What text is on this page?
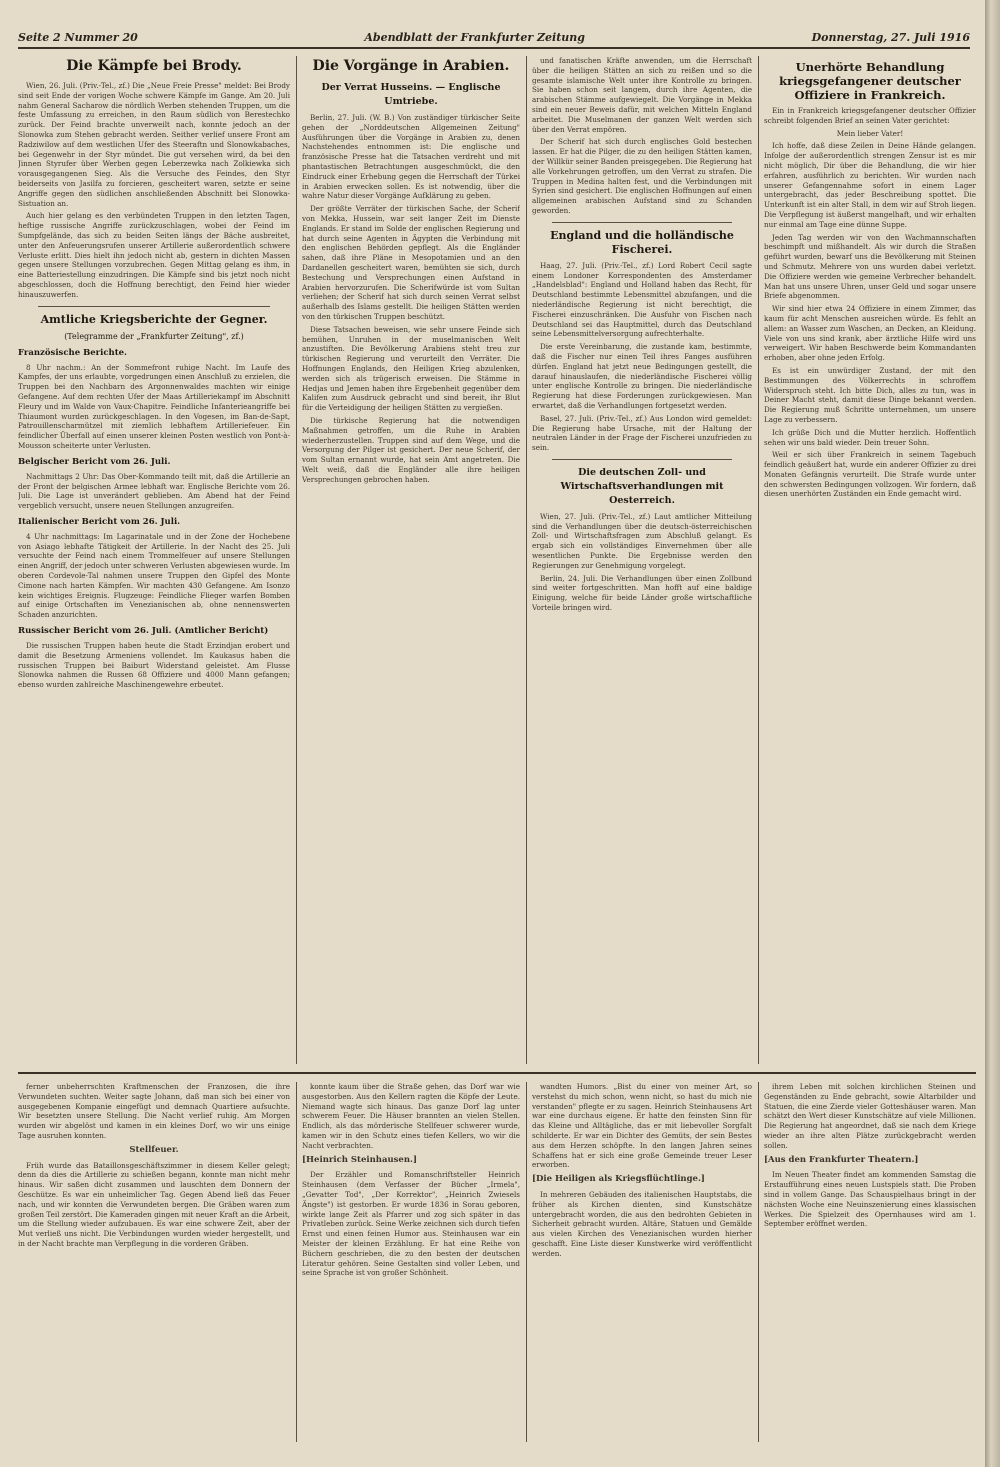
Seite 2 Nummer 20	Abendblatt der Frankfurter Zeitung	Donnerstag, 27. Juli 1916
Die Kämpfe bei Brody.

Wien, 26. Juli. (Priv.-Tel., zf.) Die „Neue Freie Presse" meldet: Bei Brody sind seit Ende der vorigen Woche schwere Kämpfe im Gange. Am 20. Juli nahm General Sacharow die nördlich Werben stehenden Truppen, um die feste Umfassung zu erreichen, in den Raum südlich von Berestechko zurück. Der Feind brachte unverweilt nach, konnte jedoch an der Slonowka zum Stehen gebracht werden. Seither verlief unsere Front am Radziwilow auf dem westlichen Ufer des Steeraftn und Slonowkabaches, bei Gegenwehr in der Styr mündet. Die gut versehen wird, da bei den Jinnen Styrufer über Werben gegen Leberzewka nach Zolkiewka sich vorausgegangenen Sieg. Als die Versuche des Feindes, den Styr beiderseits von Jasilfa zu forcieren, gescheitert waren, setzte er seine Angriffe gegen den südlichen anschließenden Abschnitt bei Slonowka-Sistuation an.

Auch hier gelang es den verbündeten Truppen in den letzten Tagen, heftige russische Angriffe zurückzuschlagen, wobei der Feind im Sumpfgelände, das sich zu beiden Seiten längs der Bäche ausbreitet, unter den Anfeuerungsrufen unserer Artillerie außerordentlich schwere Verluste erlitt. Dies hielt ihn jedoch nicht ab, gestern in dichten Massen gegen unsere Stellungen vorzubrechen. Gegen Mittag gelang es ihm, in eine Batteriestellung einzudringen. Die Kämpfe sind bis jetzt noch nicht abgeschlossen, doch die Hoffnung berechtigt, den Feind hier wieder hinauszuwerfen.

Amtliche Kriegsberichte der Gegner.
(Telegramme der „Frankfurter Zeitung", zf.)
Französische Berichte.

8 Uhr nachm.: An der Sommefront ruhige Nacht. Im Laufe des Kampfes, der uns erlaubte, vorgedrungen einen Anschluß zu erzielen, die Truppen bei den Nachbarn des Argonnenwaldes machten wir einige Gefangene. Auf dem rechten Ufer der Maas Artilleriekampf im Abschnitt Fleury und im Walde von Vaux-Chapitre. Feindliche Infanterieangriffe bei Thiaumont wurden zurückgeschlagen. In den Vogesen, im Ban-de-Sapt, Patrouillenscharmützel mit ziemlich lebhaftem Artilleriefeuer. Ein feindlicher Überfall auf einen unserer kleinen Posten westlich von Pont-à-Mousson scheiterte unter Verlusten.

Belgischer Bericht vom 26. Juli.

Nachmittags 2 Uhr: Das Ober-Kommando teilt mit, daß die Artillerie an der Front der belgischen Armee lebhaft war. Englische Berichte vom 26. Juli. Die Lage ist unverändert geblieben. Am Abend hat der Feind vergeblich versucht, unsere neuen Stellungen anzugreifen.

Italienischer Bericht vom 26. Juli.

4 Uhr nachmittags: Im Lagarinatale und in der Zone der Hochebene von Asiago lebhafte Tätigkeit der Artillerie. In der Nacht des 25. Juli versuchte der Feind nach einem Trommelfeuer auf unsere Stellungen einen Angriff, der jedoch unter schweren Verlusten abgewiesen wurde. Im oberen Cordevole-Tal nahmen unsere Truppen den Gipfel des Monte Cimone nach harten Kämpfen. Wir machten 430 Gefangene. Am Isonzo kein wichtiges Ereignis. Flugzeuge: Feindliche Flieger warfen Bomben auf einige Ortschaften im Venezianischen ab, ohne nennenswerten Schaden anzurichten.

Russischer Bericht vom 26. Juli. (Amtlicher Bericht)

Die russischen Truppen haben heute die Stadt Erzindjan erobert und damit die Besetzung Armeniens vollendet. Im Kaukasus haben die russischen Truppen bei Baiburt Widerstand geleistet. Am Flusse Slonowka nahmen die Russen 68 Offiziere und 4000 Mann gefangen; ebenso wurden zahlreiche Maschinengewehre erbeutet.

Die Vorgänge in Arabien.
Der Verrat Husseins. — Englische Umtriebe.

Berlin, 27. Juli. (W. B.) Von zuständiger türkischer Seite gehen der „Norddeutschen Allgemeinen Zeitung" Ausführungen über die Vorgänge in Arabien zu, denen Nachstehendes entnommen ist: Die englische und französische Presse hat die Tatsachen verdreht und mit phantastischen Betrachtungen ausgeschmückt, die den Eindruck einer Erhebung gegen die Herrschaft der Türkei in Arabien erwecken sollen. Es ist notwendig, über die wahre Natur dieser Vorgänge Aufklärung zu geben.

Der größte Verräter der türkischen Sache, der Scherif von Mekka, Hussein, war seit langer Zeit im Dienste Englands. Er stand im Solde der englischen Regierung und hat durch seine Agenten in Ägypten die Verbindung mit den englischen Behörden gepflegt. Als die Engländer sahen, daß ihre Pläne in Mesopotamien und an den Dardanellen gescheitert waren, bemühten sie sich, durch Bestechung und Versprechungen einen Aufstand in Arabien hervorzurufen. Die Scherifwürde ist vom Sultan verliehen; der Scherif hat sich durch seinen Verrat selbst außerhalb des Islams gestellt. Die heiligen Stätten werden von den türkischen Truppen beschützt.

Diese Tatsachen beweisen, wie sehr unsere Feinde sich bemühen, Unruhen in der muselmanischen Welt anzustiften. Die Bevölkerung Arabiens steht treu zur türkischen Regierung und verurteilt den Verräter. Die Hoffnungen Englands, den Heiligen Krieg abzulenken, werden sich als trügerisch erweisen. Die Stämme in Hedjas und Jemen haben ihre Ergebenheit gegenüber dem Kalifen zum Ausdruck gebracht und sind bereit, ihr Blut für die Verteidigung der heiligen Stätten zu vergießen.

Die türkische Regierung hat die notwendigen Maßnahmen getroffen, um die Ruhe in Arabien wiederherzustellen. Truppen sind auf dem Wege, und die Versorgung der Pilger ist gesichert. Der neue Scherif, der vom Sultan ernannt wurde, hat sein Amt angetreten. Die Welt weiß, daß die Engländer alle ihre heiligen Versprechungen gebrochen haben.

und fanatischen Kräfte anwenden, um die Herrschaft über die heiligen Stätten an sich zu reißen und so die gesamte islamische Welt unter ihre Kontrolle zu bringen. Sie haben schon seit langem, durch ihre Agenten, die arabischen Stämme aufgewiegelt. Die Vorgänge in Mekka sind ein neuer Beweis dafür, mit welchen Mitteln England arbeitet. Die Muselmanen der ganzen Welt werden sich über den Verrat empören.

Der Scherif hat sich durch englisches Gold bestechen lassen. Er hat die Pilger, die zu den heiligen Stätten kamen, der Willkür seiner Banden preisgegeben. Die Regierung hat alle Vorkehrungen getroffen, um den Verrat zu strafen. Die Truppen in Medina halten fest, und die Verbindungen mit Syrien sind gesichert. Die englischen Hoffnungen auf einen allgemeinen arabischen Aufstand sind zu Schanden geworden.

England und die holländische Fischerei.

Haag, 27. Juli. (Priv.-Tel., zf.) Lord Robert Cecil sagte einem Londoner Korrespondenten des Amsterdamer „Handelsblad": England und Holland haben das Recht, für Deutschland bestimmte Lebensmittel abzufangen, und die niederländische Regierung ist nicht berechtigt, die Fischerei einzuschränken. Die Ausfuhr von Fischen nach Deutschland sei das Hauptmittel, durch das Deutschland seine Lebensmittelversorgung aufrechterhalte.

Die erste Vereinbarung, die zustande kam, bestimmte, daß die Fischer nur einen Teil ihres Fanges ausführen dürfen. England hat jetzt neue Bedingungen gestellt, die darauf hinauslaufen, die niederländische Fischerei völlig unter englische Kontrolle zu bringen. Die niederländische Regierung hat diese Forderungen zurückgewiesen. Man erwartet, daß die Verhandlungen fortgesetzt werden.

Basel, 27. Juli. (Priv.-Tel., zf.) Aus London wird gemeldet: Die Regierung habe Ursache, mit der Haltung der neutralen Länder in der Frage der Fischerei unzufrieden zu sein.

Die deutschen Zoll- und Wirtschaftsverhandlungen mit Oesterreich.

Wien, 27. Juli. (Priv.-Tel., zf.) Laut amtlicher Mitteilung sind die Verhandlungen über die deutsch-österreichischen Zoll- und Wirtschaftsfragen zum Abschluß gelangt. Es ergab sich ein vollständiges Einvernehmen über alle wesentlichen Punkte. Die Ergebnisse werden den Regierungen zur Genehmigung vorgelegt.

Berlin, 24. Juli. Die Verhandlungen über einen Zollbund sind weiter fortgeschritten. Man hofft auf eine baldige Einigung, welche für beide Länder große wirtschaftliche Vorteile bringen wird.

Unerhörte Behandlung kriegsgefangener deutscher Offiziere in Frankreich.

Ein in Frankreich kriegsgefangener deutscher Offizier schreibt folgenden Brief an seinen Vater gerichtet:

Mein lieber Vater!

Ich hoffe, daß diese Zeilen in Deine Hände gelangen. Infolge der außerordentlich strengen Zensur ist es mir nicht möglich, Dir über die Behandlung, die wir hier erfahren, ausführlich zu berichten. Wir wurden nach unserer Gefangennahme sofort in einem Lager untergebracht, das jeder Beschreibung spottet. Die Unterkunft ist ein alter Stall, in dem wir auf Stroh liegen. Die Verpflegung ist äußerst mangelhaft, und wir erhalten nur einmal am Tage eine dünne Suppe.

Jeden Tag werden wir von den Wachmannschaften beschimpft und mißhandelt. Als wir durch die Straßen geführt wurden, bewarf uns die Bevölkerung mit Steinen und Schmutz. Mehrere von uns wurden dabei verletzt. Die Offiziere werden wie gemeine Verbrecher behandelt. Man hat uns unsere Uhren, unser Geld und sogar unsere Briefe abgenommen.

Wir sind hier etwa 24 Offiziere in einem Zimmer, das kaum für acht Menschen ausreichen würde. Es fehlt an allem: an Wasser zum Waschen, an Decken, an Kleidung. Viele von uns sind krank, aber ärztliche Hilfe wird uns verweigert. Wir haben Beschwerde beim Kommandanten erhoben, aber ohne jeden Erfolg.

Es ist ein unwürdiger Zustand, der mit den Bestimmungen des Völkerrechts in schroffem Widerspruch steht. Ich bitte Dich, alles zu tun, was in Deiner Macht steht, damit diese Dinge bekannt werden. Die Regierung muß Schritte unternehmen, um unsere Lage zu verbessern.

Ich grüße Dich und die Mutter herzlich. Hoffentlich sehen wir uns bald wieder. Dein treuer Sohn.

Weil er sich über Frankreich in seinem Tagebuch feindlich geäußert hat, wurde ein anderer Offizier zu drei Monaten Gefängnis verurteilt. Die Strafe wurde unter den schwersten Bedingungen vollzogen. Wir fordern, daß diesen unerhörten Zuständen ein Ende gemacht wird.

ferner unbeherrschten Kraftmenschen der Franzosen, die ihre Verwundeten suchten. Weiter sagte Johann, daß man sich bei einer von ausgegebenen Kompanie eingefügt und demnach Quartiere aufsuchte. Wir besetzten unsere Stellung. Die Nacht verlief ruhig. Am Morgen wurden wir abgelöst und kamen in ein kleines Dorf, wo wir uns einige Tage ausruhen konnten.

Stellfeuer.

Früh wurde das Bataillonsgeschäftszimmer in diesem Keller gelegt; denn da dies die Artillerie zu schießen begann, konnte man nicht mehr hinaus. Wir saßen dicht zusammen und lauschten dem Donnern der Geschütze. Es war ein unheimlicher Tag. Gegen Abend ließ das Feuer nach, und wir konnten die Verwundeten bergen. Die Gräben waren zum großen Teil zerstört. Die Kameraden gingen mit neuer Kraft an die Arbeit, um die Stellung wieder aufzubauen. Es war eine schwere Zeit, aber der Mut verließ uns nicht. Die Verbindungen wurden wieder hergestellt, und in der Nacht brachte man Verpflegung in die vorderen Gräben.

konnte kaum über die Straße gehen, das Dorf war wie ausgestorben. Aus den Kellern ragten die Köpfe der Leute. Niemand wagte sich hinaus. Das ganze Dorf lag unter schwerem Feuer. Die Häuser brannten an vielen Stellen. Endlich, als das mörderische Stellfeuer schwerer wurde, kamen wir in den Schutz eines tiefen Kellers, wo wir die Nacht verbrachten.

[Heinrich Steinhausen.]

Der Erzähler und Romanschriftsteller Heinrich Steinhausen (dem Verfasser der Bücher „Irmela", „Gevatter Tod", „Der Korrektor", „Heinrich Zwiesels Ängste") ist gestorben. Er wurde 1836 in Sorau geboren, wirkte lange Zeit als Pfarrer und zog sich später in das Privatleben zurück. Seine Werke zeichnen sich durch tiefen Ernst und einen feinen Humor aus. Steinhausen war ein Meister der kleinen Erzählung. Er hat eine Reihe von Büchern geschrieben, die zu den besten der deutschen Literatur gehören. Seine Gestalten sind voller Leben, und seine Sprache ist von großer Schönheit.

wandten Humors. „Bist du einer von meiner Art, so verstehst du mich schon, wenn nicht, so hast du mich nie verstanden" pflegte er zu sagen. Heinrich Steinhausens Art war eine durchaus eigene. Er hatte den feinsten Sinn für das Kleine und Alltägliche, das er mit liebevoller Sorgfalt schilderte. Er war ein Dichter des Gemüts, der sein Bestes aus dem Herzen schöpfte. In den langen Jahren seines Schaffens hat er sich eine große Gemeinde treuer Leser erworben.

[Die Heiligen als Kriegsflüchtlinge.]

In mehreren Gebäuden des italienischen Hauptstabs, die früher als Kirchen dienten, sind Kunstschätze untergebracht worden, die aus den bedrohten Gebieten in Sicherheit gebracht wurden. Altäre, Statuen und Gemälde aus vielen Kirchen des Venezianischen wurden hierher geschafft. Eine Liste dieser Kunstwerke wird veröffentlicht werden.

ihrem Leben mit solchen kirchlichen Steinen und Gegenständen zu Ende gebracht, sowie Altarbilder und Statuen, die eine Zierde vieler Gotteshäuser waren. Man schätzt den Wert dieser Kunstschätze auf viele Millionen. Die Regierung hat angeordnet, daß sie nach dem Kriege wieder an ihre alten Plätze zurückgebracht werden sollen.

[Aus den Frankfurter Theatern.]

Im Neuen Theater findet am kommenden Samstag die Erstaufführung eines neuen Lustspiels statt. Die Proben sind in vollem Gange. Das Schauspielhaus bringt in der nächsten Woche eine Neuinszenierung eines klassischen Werkes. Die Spielzeit des Opernhauses wird am 1. September eröffnet werden.
